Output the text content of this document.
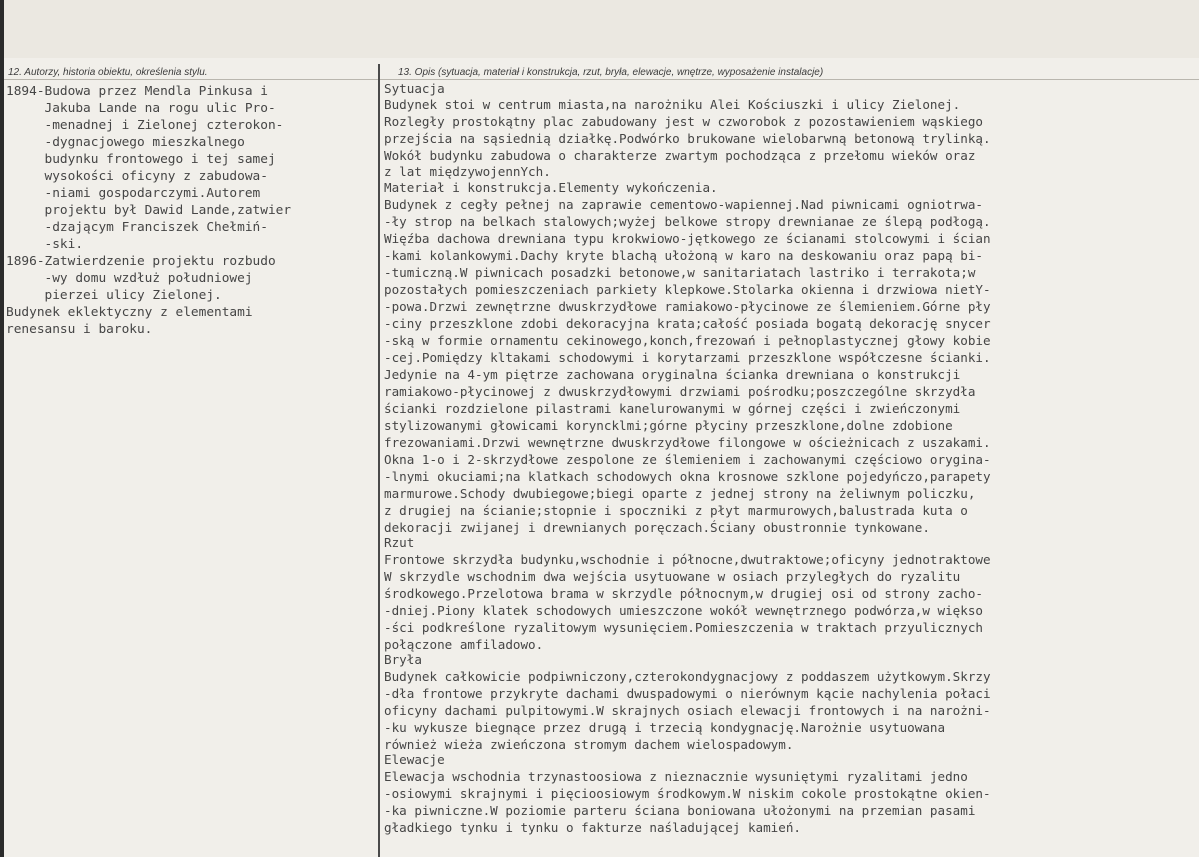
12. Autorzy, historia obiektu, określenia stylu.	13. Opis (sytuacja, materiał i konstrukcja, rzut, bryła, elewacje, wnętrze, wyposażenie instalacje)

1894-Budowa przez Mendla Pinkusa i

Jakuba Lande na rogu ulic Pro-

-menadnej i Zielonej czterokon-

-dygnacjowego mieszkalnego

budynku frontowego i tej samej

wysokości oficyny z zabudowa-

-niami gospodarczymi.Autorem

projektu był Dawid Lande,zatwier

-dzającym Franciszek Chełmiń-

-ski.

1896-Zatwierdzenie projektu rozbudo

-wy domu wzdłuż południowej

pierzei ulicy Zielonej.

Budynek eklektyczny z elementami

renesansu i baroku.

Sytuacja

Budynek stoi w centrum miasta,na narożniku Alei Kościuszki i ulicy Zielonej.

Rozległy prostokątny plac zabudowany jest w czworobok z pozostawieniem wąskiego

przejścia na sąsiednią działkę.Podwórko brukowane wielobarwną betonową trylinką.

Wokół budynku zabudowa o charakterze zwartym pochodząca z przełomu wieków oraz

z lat międzywojennYch.

Materiał i konstrukcja.Elementy wykończenia.

Budynek z cegły pełnej na zaprawie cementowo-wapiennej.Nad piwnicami ogniotrwa-

-ły strop na belkach stalowych;wyżej belkowe stropy drewnianae ze ślepą podłogą.

Więźba dachowa drewniana typu krokwiowo-jętkowego ze ścianami stolcowymi i ścian

-kami kolankowymi.Dachy kryte blachą ułożoną w karo na deskowaniu oraz papą bi-

-tumiczną.W piwnicach posadzki betonowe,w sanitariatach lastriko i terrakota;w

pozostałych pomieszczeniach parkiety klepkowe.Stolarka okienna i drzwiowa nietY-

-powa.Drzwi zewnętrzne dwuskrzydłowe ramiakowo-płycinowe ze ślemieniem.Górne pły

-ciny przeszklone zdobi dekoracyjna krata;całość posiada bogatą dekorację snycer

-ską w formie ornamentu cekinowego,konch,frezowań i pełnoplastycznej głowy kobie

-cej.Pomiędzy kltakami schodowymi i korytarzami przeszklone współczesne ścianki.

Jedynie na 4-ym piętrze zachowana oryginalna ścianka drewniana o konstrukcji

ramiakowo-płycinowej z dwuskrzydłowymi drzwiami pośrodku;poszczególne skrzydła

ścianki rozdzielone pilastrami kanelurowanymi w górnej części i zwieńczonymi

stylizowanymi głowicami koryncklmi;górne płyciny przeszklone,dolne zdobione

frezowaniami.Drzwi wewnętrzne dwuskrzydłowe filongowe w ościeżnicach z uszakami.

Okna 1-o i 2-skrzydłowe zespolone ze ślemieniem i zachowanymi częściowo orygina-

-lnymi okuciami;na klatkach schodowych okna krosnowe szklone pojedyńczo,parapety

marmurowe.Schody dwubiegowe;biegi oparte z jednej strony na żeliwnym policzku,

z drugiej na ścianie;stopnie i spoczniki z płyt marmurowych,balustrada kuta o

dekoracji zwijanej i drewnianych poręczach.Ściany obustronnie tynkowane.

Rzut

Frontowe skrzydła budynku,wschodnie i północne,dwutraktowe;oficyny jednotraktowe

W skrzydle wschodnim dwa wejścia usytuowane w osiach przyległych do ryzalitu

środkowego.Przelotowa brama w skrzydle północnym,w drugiej osi od strony zacho-

-dniej.Piony klatek schodowych umieszczone wokół wewnętrznego podwórza,w więkso

-ści podkreślone ryzalitowym wysunięciem.Pomieszczenia w traktach przyulicznych

połączone amfiladowo.

Bryła

Budynek całkowicie podpiwniczony,czterokondygnacjowy z poddaszem użytkowym.Skrzy

-dła frontowe przykryte dachami dwuspadowymi o nierównym kącie nachylenia połaci

oficyny dachami pulpitowymi.W skrajnych osiach elewacji frontowych i na narożni-

-ku wykusze biegnące przez drugą i trzecią kondygnację.Narożnie usytuowana

również wieża zwieńczona stromym dachem wielospadowym.

Elewacje

Elewacja wschodnia trzynastoosiowa z nieznacznie wysuniętymi ryzalitami jedno

-osiowymi skrajnymi i pięcioosiowym środkowym.W niskim cokole prostokątne okien-

-ka piwniczne.W poziomie parteru ściana boniowana ułożonymi na przemian pasami

gładkiego tynku i tynku o fakturze naśladującej kamień.
